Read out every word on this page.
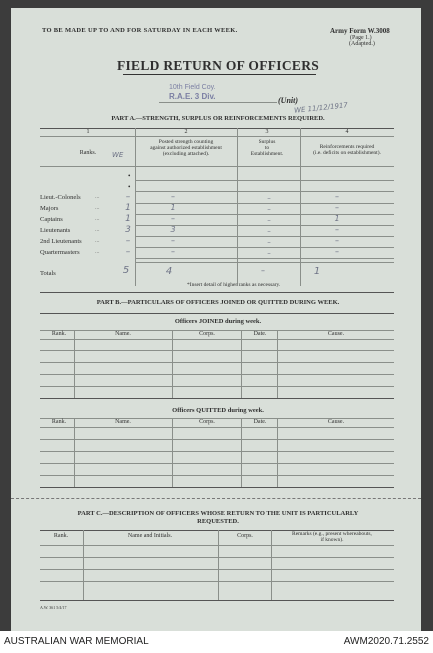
TO BE MADE UP TO AND FOR SATURDAY IN EACH WEEK.	Army Form W.3008
(Page 1.)
(Adapted.)
FIELD RETURN OF OFFICERS
10th Field Coy.
R.A.E. 3 Div.	(Unit)
WE 11/12/1917
PART A.—STRENGTH, SURPLUS OR REINFORCEMENTS REQUIRED.
1	2	3	4
Ranks. WE
Posted strength counting
against authorized establishment
(excluding attached).
Surplus
to
Establishment.
Reinforcements required
(i.e. deficits on establishment).
•
•
Lieut.-Colonels	–	–	–	–
...
Majors	1	1	–	–
...
Captains	1	–	–	1
...
Lieutenants	3	3	–	–
...
2nd Lieutenants	–	–	–	–
...
Quartermasters	–	–	–	–
...
Totals	5	4	–	1
*Insert detail of higher ranks as necessary.
PART B.—PARTICULARS OF OFFICERS JOINED OR QUITTED DURING WEEK.
Officers JOINED during week.
Rank.	Name.	Corps.	Date.	Cause.
Officers QUITTED during week.
Rank.	Name.	Corps.	Date.	Cause.
PART C.—DESCRIPTION OF OFFICERS WHOSE RETURN TO THE UNIT IS PARTICULARLY
REQUESTED.
Rank.	Name and Initials.	Corps.	Remarks (e.g., present whereabouts,
if known).
A.W. 361 5/4/17
AUSTRALIAN WAR MEMORIAL	AWM2020.71.2552
